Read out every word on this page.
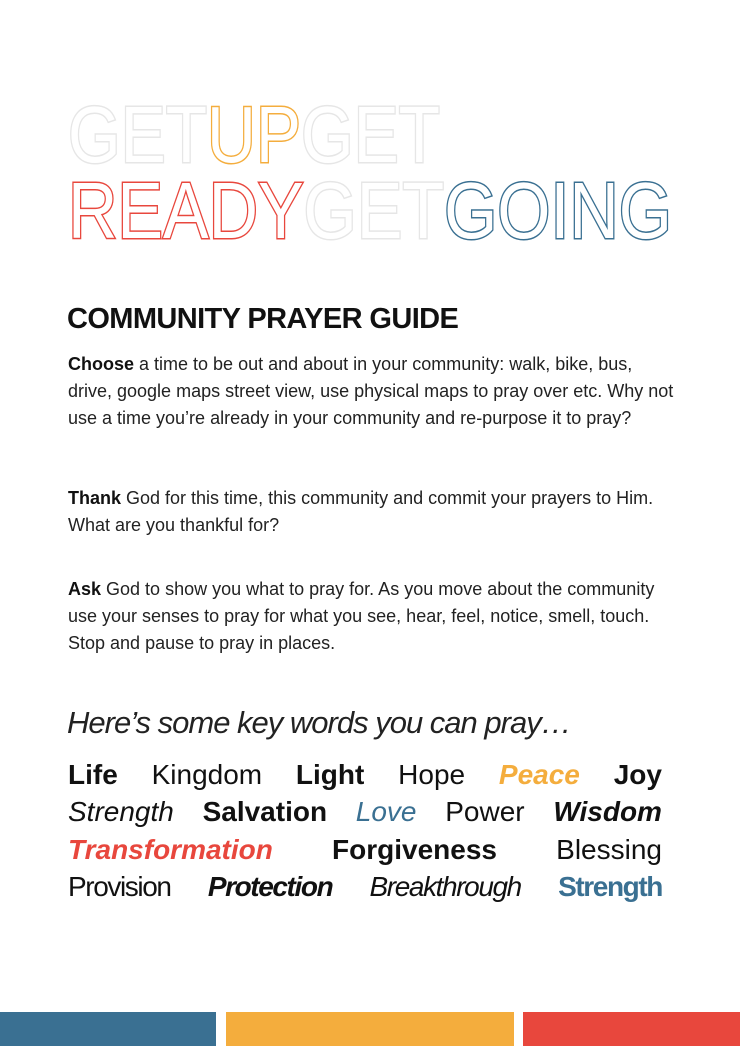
GETUPGET
READYGETGOING
COMMUNITY PRAYER GUIDE

Choose a time to be out and about in your community: walk, bike, bus, drive, google maps street view, use physical maps to pray over etc. Why not use a time you’re already in your community and re-purpose it to pray?

Thank God for this time, this community and commit your prayers to Him. What are you thankful for?

Ask God to show you what to pray for. As you move about the community use your senses to pray for what you see, hear, feel, notice, smell, touch. Stop and pause to pray in places.

Here’s some key words you can pray…

Life Kingdom Light Hope Peace Joy
Strength Salvation Love Power Wisdom
Transformation Forgiveness Blessing
Provision Protection Breakthrough Strength
